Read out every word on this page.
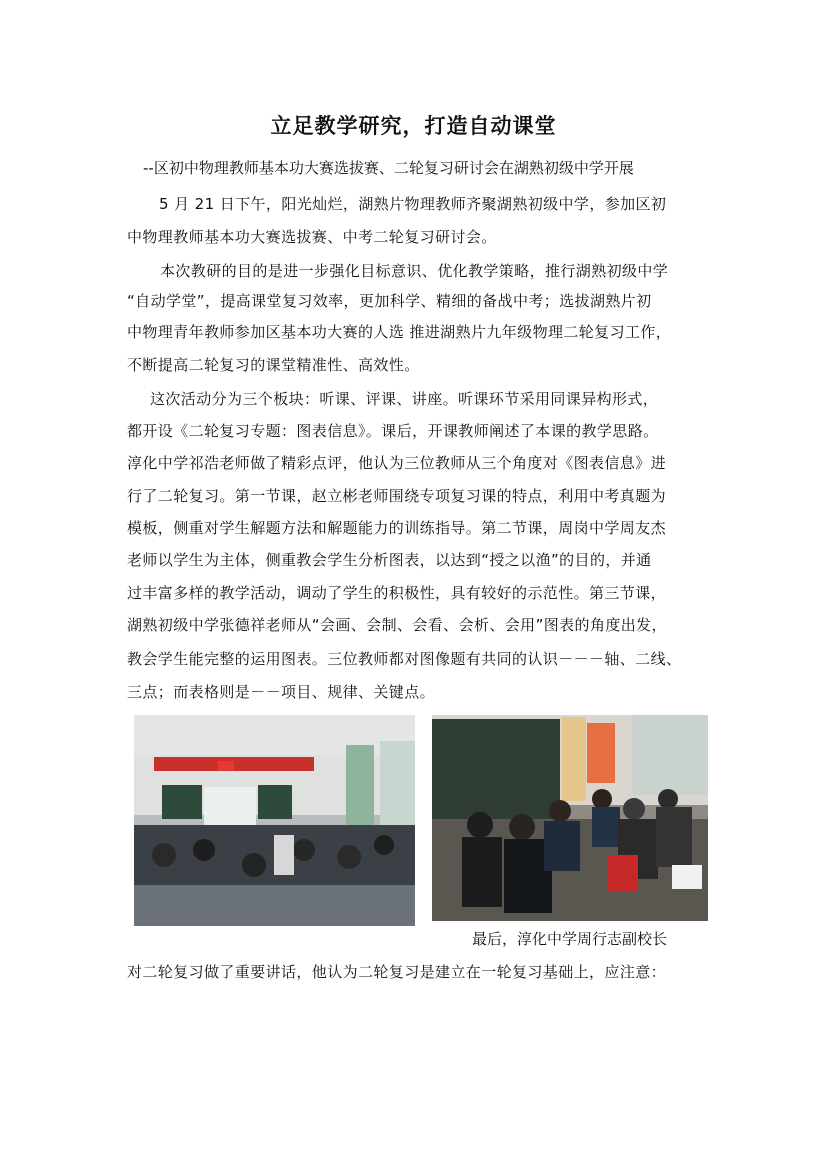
立足教学研究，打造自动课堂
--区初中物理教师基本功大赛选拔赛、二轮复习研讨会在湖熟初级中学开展
5 月 21 日下午，阳光灿烂，湖熟片物理教师齐聚湖熟初级中学，参加区初
中物理教师基本功大赛选拔赛、中考二轮复习研讨会。
本次教研的目的是进一步强化目标意识、优化教学策略，推行湖熟初级中学
“自动学堂”，提高课堂复习效率，更加科学、精细的备战中考；选拔湖熟片初
中物理青年教师参加区基本功大赛的人选 推进湖熟片九年级物理二轮复习工作，
不断提高二轮复习的课堂精准性、高效性。
这次活动分为三个板块：听课、评课、讲座。听课环节采用同课异构形式，
都开设《二轮复习专题：图表信息》。课后，开课教师阐述了本课的教学思路。
淳化中学祁浩老师做了精彩点评，他认为三位教师从三个角度对《图表信息》进
行了二轮复习。第一节课，赵立彬老师围绕专项复习课的特点，利用中考真题为
模板，侧重对学生解题方法和解题能力的训练指导。第二节课，周岗中学周友杰
老师以学生为主体，侧重教会学生分析图表，以达到“授之以渔”的目的，并通
过丰富多样的教学活动，调动了学生的积极性，具有较好的示范性。第三节课，
湖熟初级中学张德祥老师从“会画、会制、会看、会析、会用”图表的角度出发，
教会学生能完整的运用图表。三位教师都对图像题有共同的认识－－－轴、二线、
三点；而表格则是－－项目、规律、关键点。
最后，淳化中学周行志副校长
对二轮复习做了重要讲话，他认为二轮复习是建立在一轮复习基础上，应注意：
